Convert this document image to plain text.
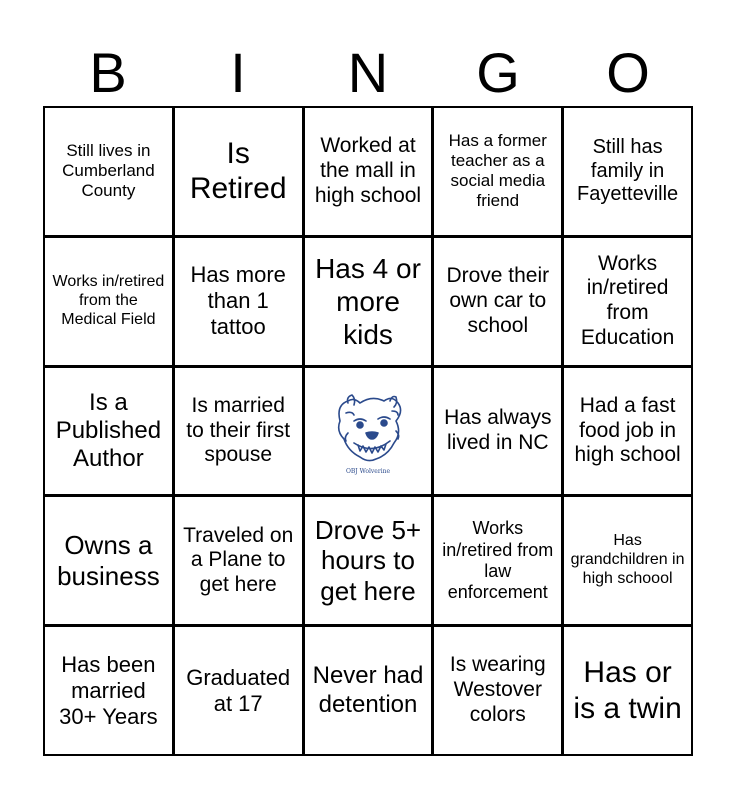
B	I	N	G	O
Still lives in Cumberland County
Is Retired
Worked at the mall in high school
Has a former teacher as a social media friend
Still has family in Fayetteville
Works in/retired from the Medical Field
Has more than 1 tattoo
Has 4 or more kids
Drove their own car to school
Works in/retired from Education
Is a Published Author
Is married to their first spouse
OBJ Wolverine
Has always lived in NC
Had a fast food job in high school
Owns a business
Traveled on a Plane to get here
Drove 5+ hours to get here
Works in/retired from law enforcement
Has grandchildren in high schoool
Has been married 30+ Years
Graduated at 17
Never had detention
Is wearing Westover colors
Has or is a twin
